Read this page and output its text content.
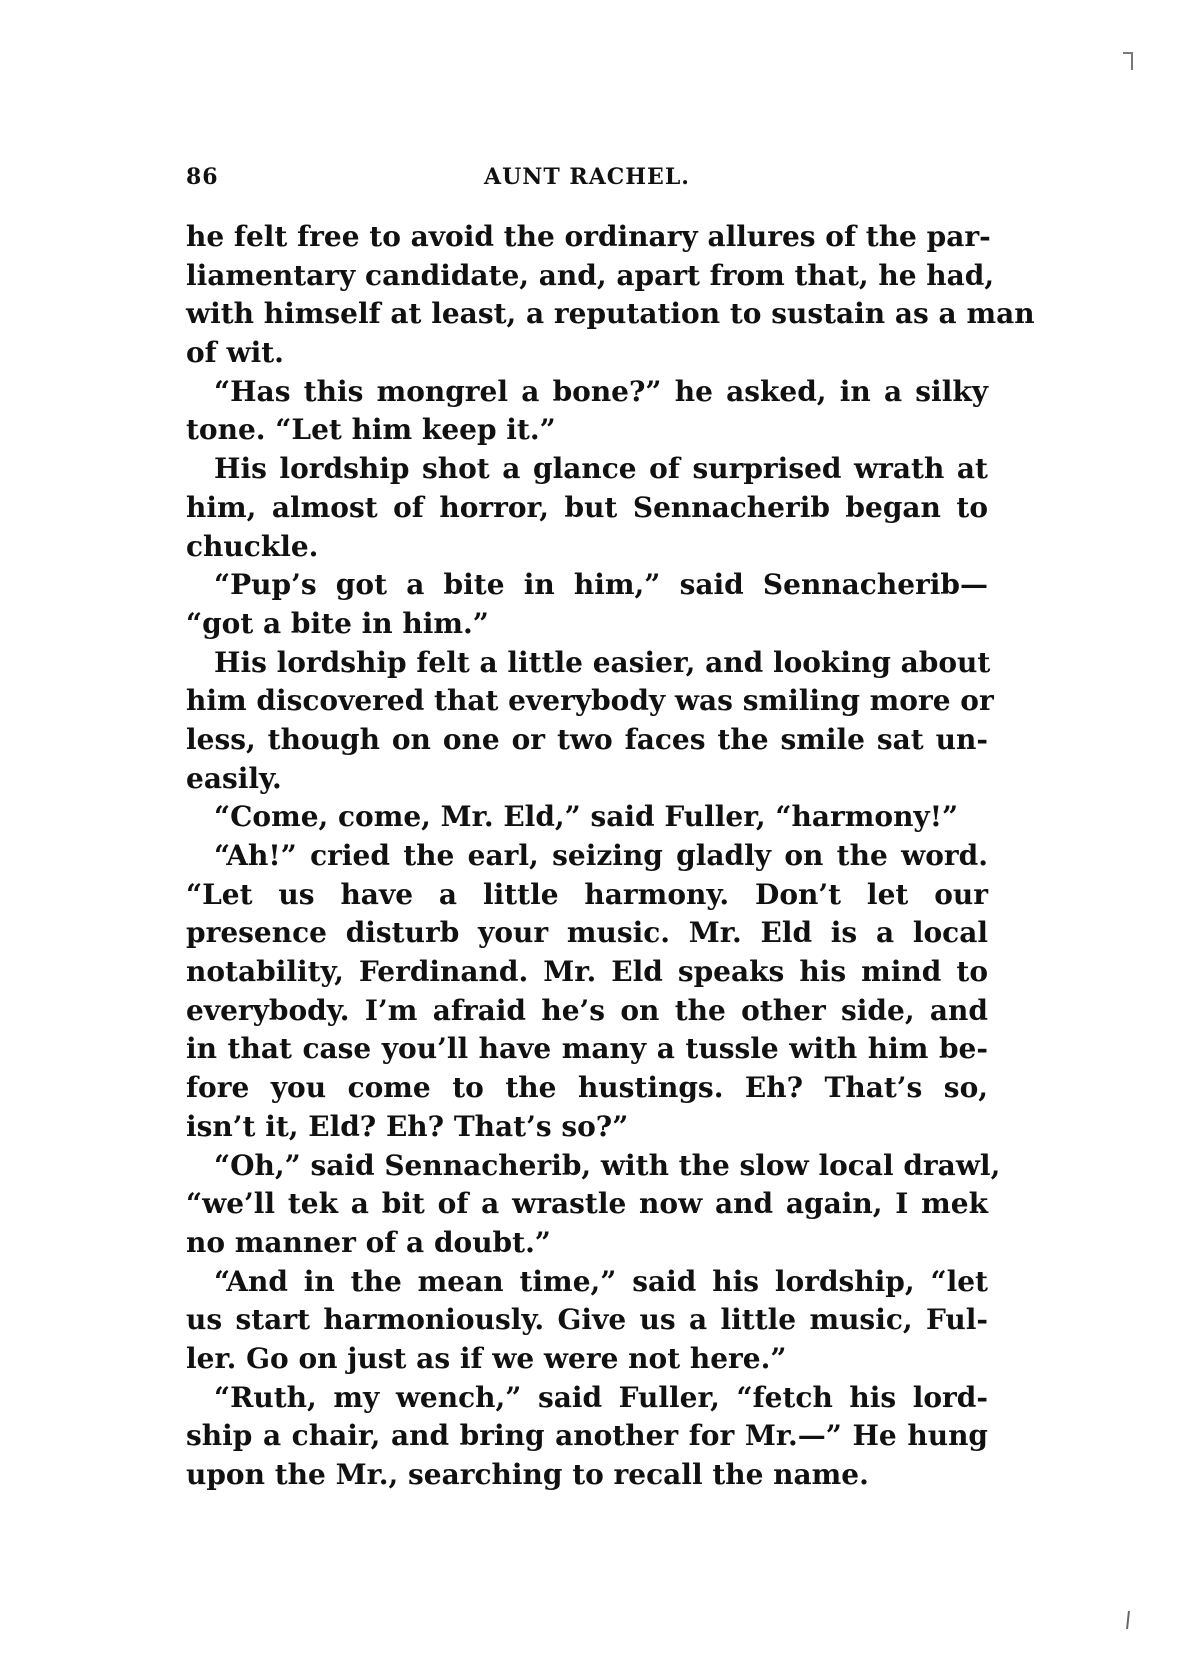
86	AUNT RACHEL.
he felt free to avoid the ordinary allures of the par-
liamentary candidate, and, apart from that, he had,
with himself at least, a reputation to sustain as a man
of wit.
“Has this mongrel a bone?” he asked, in a silky
tone. “Let him keep it.”
His lordship shot a glance of surprised wrath at
him, almost of horror, but Sennacherib began to
chuckle.
“Pup’s got a bite in him,” said Sennacherib—
“got a bite in him.”
His lordship felt a little easier, and looking about
him discovered that everybody was smiling more or
less, though on one or two faces the smile sat un-
easily.
“Come, come, Mr. Eld,” said Fuller, “harmony!”
“Ah!” cried the earl, seizing gladly on the word.
“Let us have a little harmony. Don’t let our
presence disturb your music. Mr. Eld is a local
notability, Ferdinand. Mr. Eld speaks his mind to
everybody. I’m afraid he’s on the other side, and
in that case you’ll have many a tussle with him be-
fore you come to the hustings. Eh? That’s so,
isn’t it, Eld? Eh? That’s so?”
“Oh,” said Sennacherib, with the slow local drawl,
“we’ll tek a bit of a wrastle now and again, I mek
no manner of a doubt.”
“And in the mean time,” said his lordship, “let
us start harmoniously. Give us a little music, Ful-
ler. Go on just as if we were not here.”
“Ruth, my wench,” said Fuller, “fetch his lord-
ship a chair, and bring another for Mr.—” He hung
upon the Mr., searching to recall the name.
